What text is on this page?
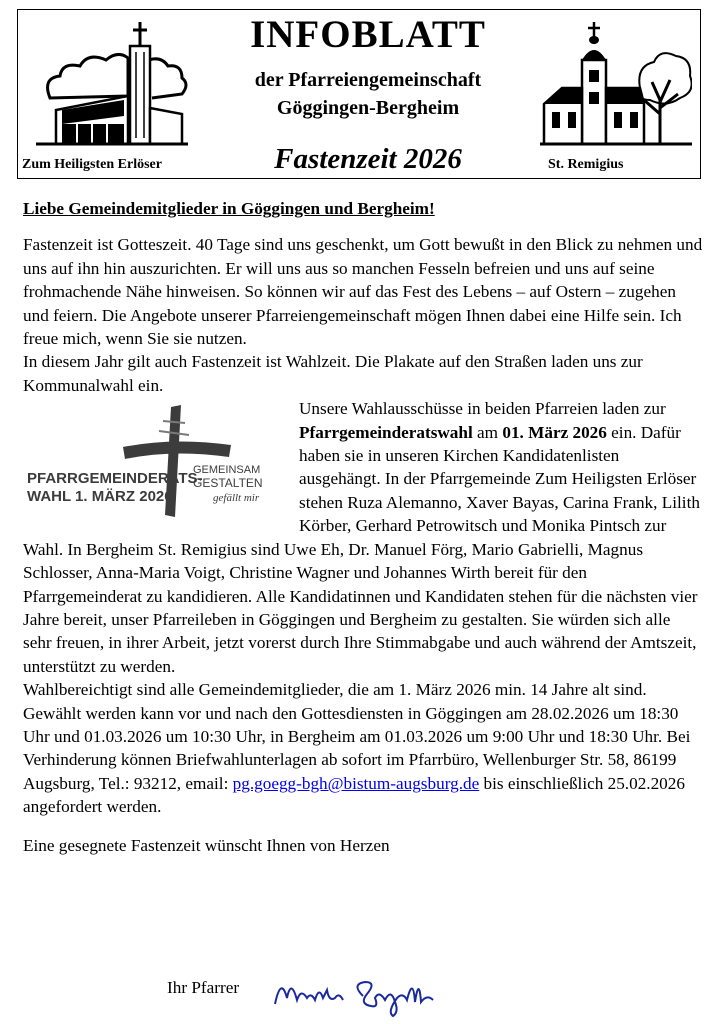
INFOBLATT
der Pfarreiengemeinschaft
Göggingen-Bergheim
Fastenzeit 2026
Zum Heiligsten Erlöser	St. Remigius
Liebe Gemeindemitglieder in Göggingen und Bergheim!
Fastenzeit ist Gotteszeit. 40 Tage sind uns geschenkt, um Gott bewußt in den Blick zu nehmen und uns auf ihn hin auszurichten. Er will uns aus so manchen Fesseln befreien und uns auf seine frohmachende Nähe hinweisen. So können wir auf das Fest des Lebens – auf Ostern – zugehen und feiern. Die Angebote unserer Pfarreiengemeinschaft mögen Ihnen dabei eine Hilfe sein. Ich freue mich, wenn Sie sie nutzen.
In diesem Jahr gilt auch Fastenzeit ist Wahlzeit. Die Plakate auf den Straßen laden uns zur Kommunalwahl ein.
PFARRGEMEINDERATS-
WAHL 1. MÄRZ 2026
GEMEINSAM
GESTALTEN
gefällt mir
Unsere Wahlausschüsse in beiden Pfarreien laden zur Pfarrgemeinderatswahl am 01. März 2026 ein. Dafür haben sie in unseren Kirchen Kandidatenlisten ausgehängt. In der Pfarrgemeinde Zum Heiligsten Erlöser stehen Ruza Alemanno, Xaver Bayas, Carina Frank, Lilith Körber, Gerhard Petrowitsch und Monika Pintsch zur Wahl. In Bergheim St. Remigius sind Uwe Eh, Dr. Manuel Förg, Mario Gabrielli, Magnus Schlosser, Anna-Maria Voigt, Christine Wagner und Johannes Wirth bereit für den Pfarrgemeinderat zu kandidieren. Alle Kandidatinnen und Kandidaten stehen für die nächsten vier Jahre bereit, unser Pfarreileben in Göggingen und Bergheim zu gestalten. Sie würden sich alle sehr freuen, in ihrer Arbeit, jetzt vorerst durch Ihre Stimmabgabe und auch während der Amtszeit, unterstützt zu werden.
Wahlbereichtigt sind alle Gemeindemitglieder, die am 1. März 2026 min. 14 Jahre alt sind. Gewählt werden kann vor und nach den Gottesdiensten in Göggingen am 28.02.2026 um 18:30 Uhr und 01.03.2026 um 10:30 Uhr, in Bergheim am 01.03.2026 um 9:00 Uhr und 18:30 Uhr. Bei Verhinderung können Briefwahlunterlagen ab sofort im Pfarrbüro, Wellenburger Str. 58, 86199 Augsburg, Tel.: 93212, email: pg.goegg-bgh@bistum-augsburg.de bis einschließlich 25.02.2026 angefordert werden.
Eine gesegnete Fastenzeit wünscht Ihnen von Herzen
Ihr Pfarrer
